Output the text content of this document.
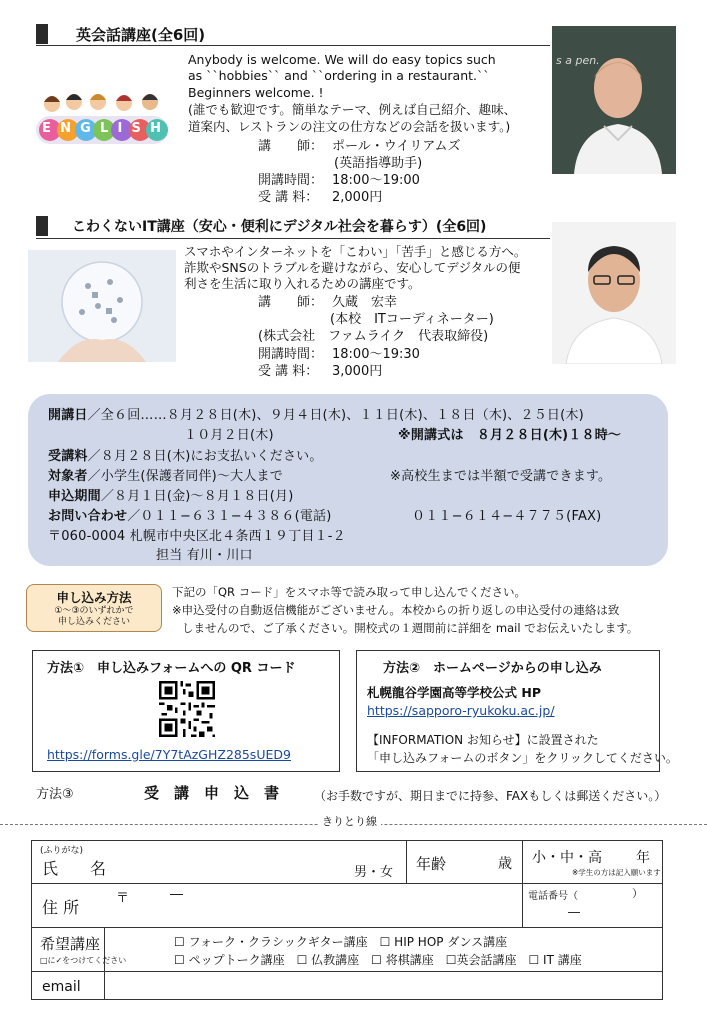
英会話講座(全6回)
Anybody is welcome. We will do easy topics such
as ``hobbies`` and ``ordering in a restaurant.``
Beginners welcome. !
(誰でも歓迎です。簡単なテーマ、例えば自己紹介、趣味、
道案内、レストランの注文の仕方などの会話を扱います。)
ENGLISH
講　　師： ポール・ウイリアムズ
(英語指導助手)
開講時間： 18:00〜19:00
受 講 料： 2,000円
s a pen.
こわくないIT講座（安心・便利にデジタル社会を暮らす）(全6回)
スマホやインターネットを「こわい」「苦手」と感じる方へ。
詐欺やSNSのトラブルを避けながら、安心してデジタルの便
利さを生活に取り入れるための講座です。
講　　師： 久蔵　宏幸
(本校　ITコーディネーター)
(株式会社　ファムライク　代表取締役)
開講時間： 18:00〜19:30
受 講 料： 3,000円
開講日／全６回……８月２８日(木)、９月４日(木)、１１日(木)、１８日（木)、２５日(木)
１０月２日(木)	※開講式は　８月２８日(木)１８時〜
受講料／８月２８日(木)にお支払いください。
対象者／小学生(保護者同伴)〜大人まで	※高校生までは半額で受講できます。
申込期間／８月１日(金)〜８月１８日(月)
お問い合わせ／０１１−６３１−４３８６(電話)	０１１−６１４−４７７５(FAX)
〒060-0004 札幌市中央区北４条西１９丁目１-２
担当 有川・川口
申し込み方法
①〜③のいずれかで
申し込みください
下記の「QR コード」をスマホ等で読み取って申し込んでください。
※申込受付の自動返信機能がございません。本校からの折り返しの申込受付の連絡は致
しませんので、ご了承ください。開校式の１週間前に詳細を mail でお伝えいたします。
方法①　申し込みフォームへの QR コード
https://forms.gle/7Y7tAzGHZ285sUED9
方法②　ホームページからの申し込み
札幌龍谷学園高等学校公式 HP
https://sapporo-ryukoku.ac.jp/
【INFORMATION お知らせ】に設置された
「申し込みフォームのボタン」をクリックしてください。
方法③	受　講　申　込　書	（お手数ですが、期日までに持参、FAXもしくは郵送ください。）
きりとり線
(ふりがな)
氏　　名	男・女 年齢	歳 小・中・高 年
※学生の方は記入願います
住 所	〒	―	電話番号（	）
―
希望講座
□に✓をつけてください
☐ フォーク・クラシックギター講座　☐ HIP HOP ダンス講座
☐ ペップトーク講座　☐ 仏教講座　☐ 将棋講座　☐英会話講座　☐ IT 講座
email
